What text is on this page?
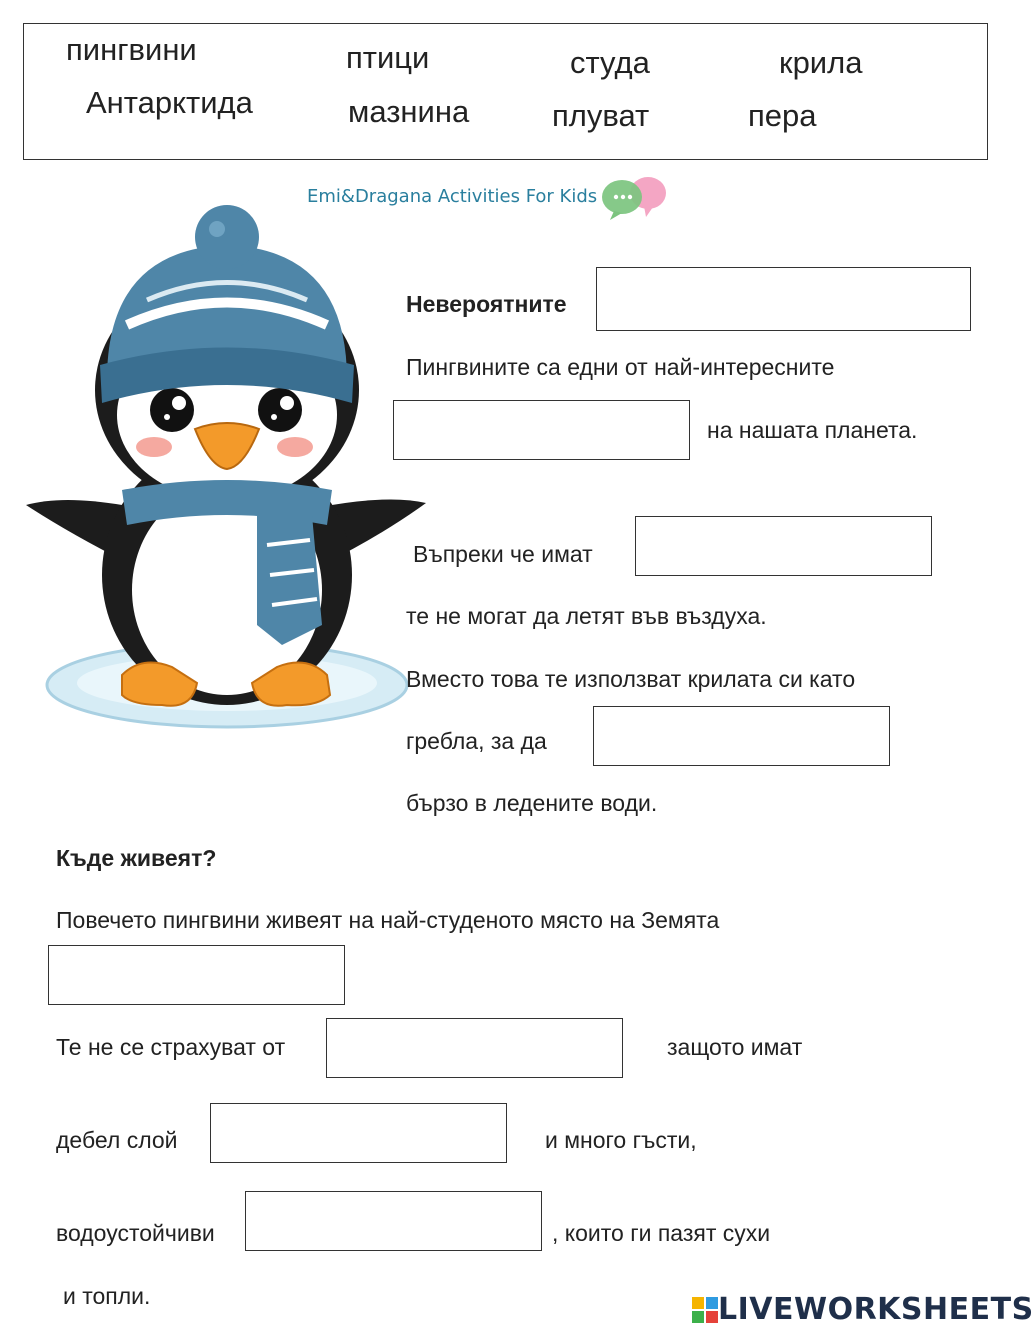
пингвини	птици	студа	крила
Антарктида	мазнина	плуват	пера
Emi&Dragana Activities For Kids
Невероятните
Пингвините са едни от най-интересните
на нашата планета.
Въпреки че имат
те не могат да летят във въздуха.
Вместо това те използват крилата си като
гребла, за да
бързо в ледените води.
Къде живеят?
Повечето пингвини живеят на най-студеното място на Земята
Те не се страхуват от	защото имат
дебел слой	и много гъсти,
водоустойчиви	, които ги пазят сухи
и топли.	LIVEWORKSHEETS
